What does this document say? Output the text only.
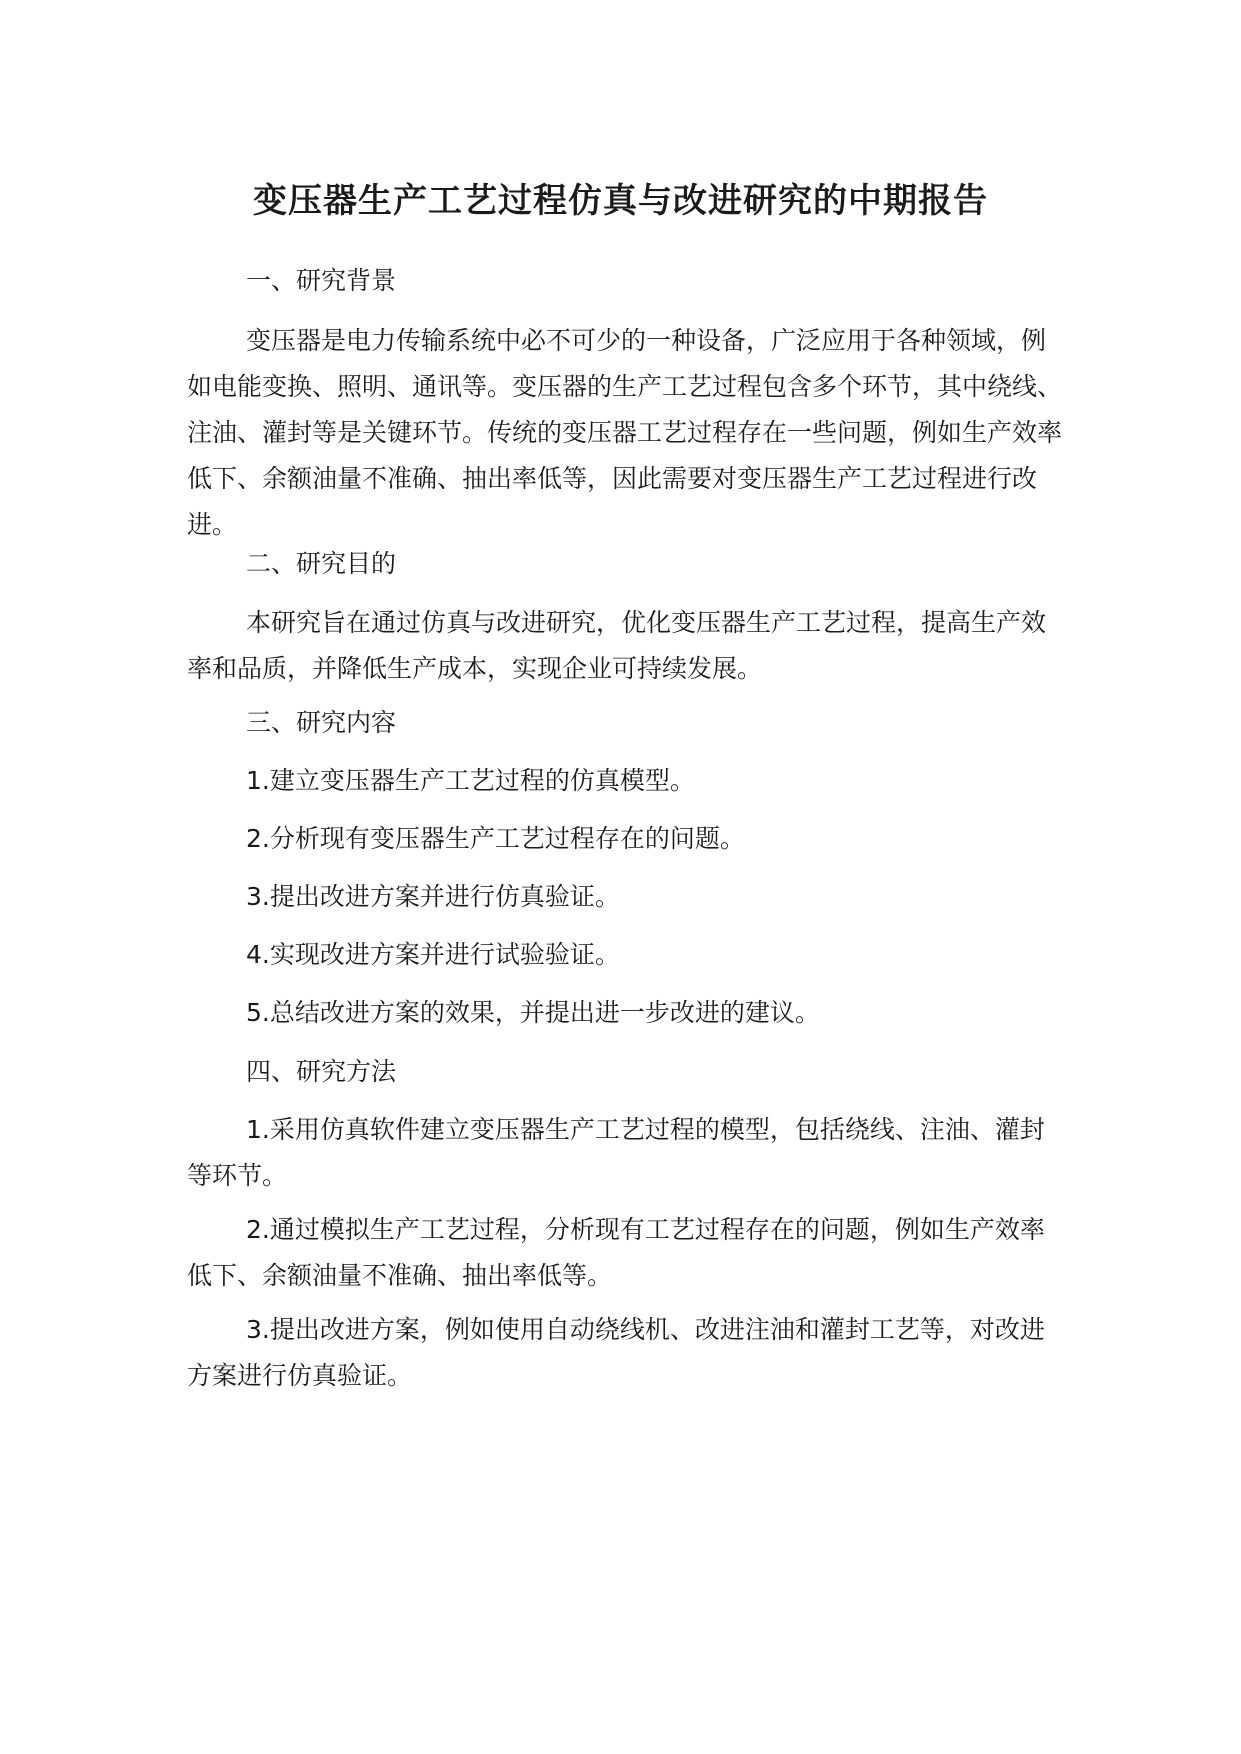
变压器生产工艺过程仿真与改进研究的中期报告
一、研究背景
变压器是电力传输系统中必不可少的一种设备，广泛应用于各种领域，例如电能变换、照明、通讯等。变压器的生产工艺过程包含多个环节，其中绕线、注油、灌封等是关键环节。传统的变压器工艺过程存在一些问题，例如生产效率低下、余额油量不准确、抽出率低等，因此需要对变压器生产工艺过程进行改进。
二、研究目的
本研究旨在通过仿真与改进研究，优化变压器生产工艺过程，提高生产效率和品质，并降低生产成本，实现企业可持续发展。
三、研究内容
1.建立变压器生产工艺过程的仿真模型。
2.分析现有变压器生产工艺过程存在的问题。
3.提出改进方案并进行仿真验证。
4.实现改进方案并进行试验验证。
5.总结改进方案的效果，并提出进一步改进的建议。
四、研究方法
1.采用仿真软件建立变压器生产工艺过程的模型，包括绕线、注油、灌封等环节。
2.通过模拟生产工艺过程，分析现有工艺过程存在的问题，例如生产效率低下、余额油量不准确、抽出率低等。
3.提出改进方案，例如使用自动绕线机、改进注油和灌封工艺等，对改进方案进行仿真验证。
